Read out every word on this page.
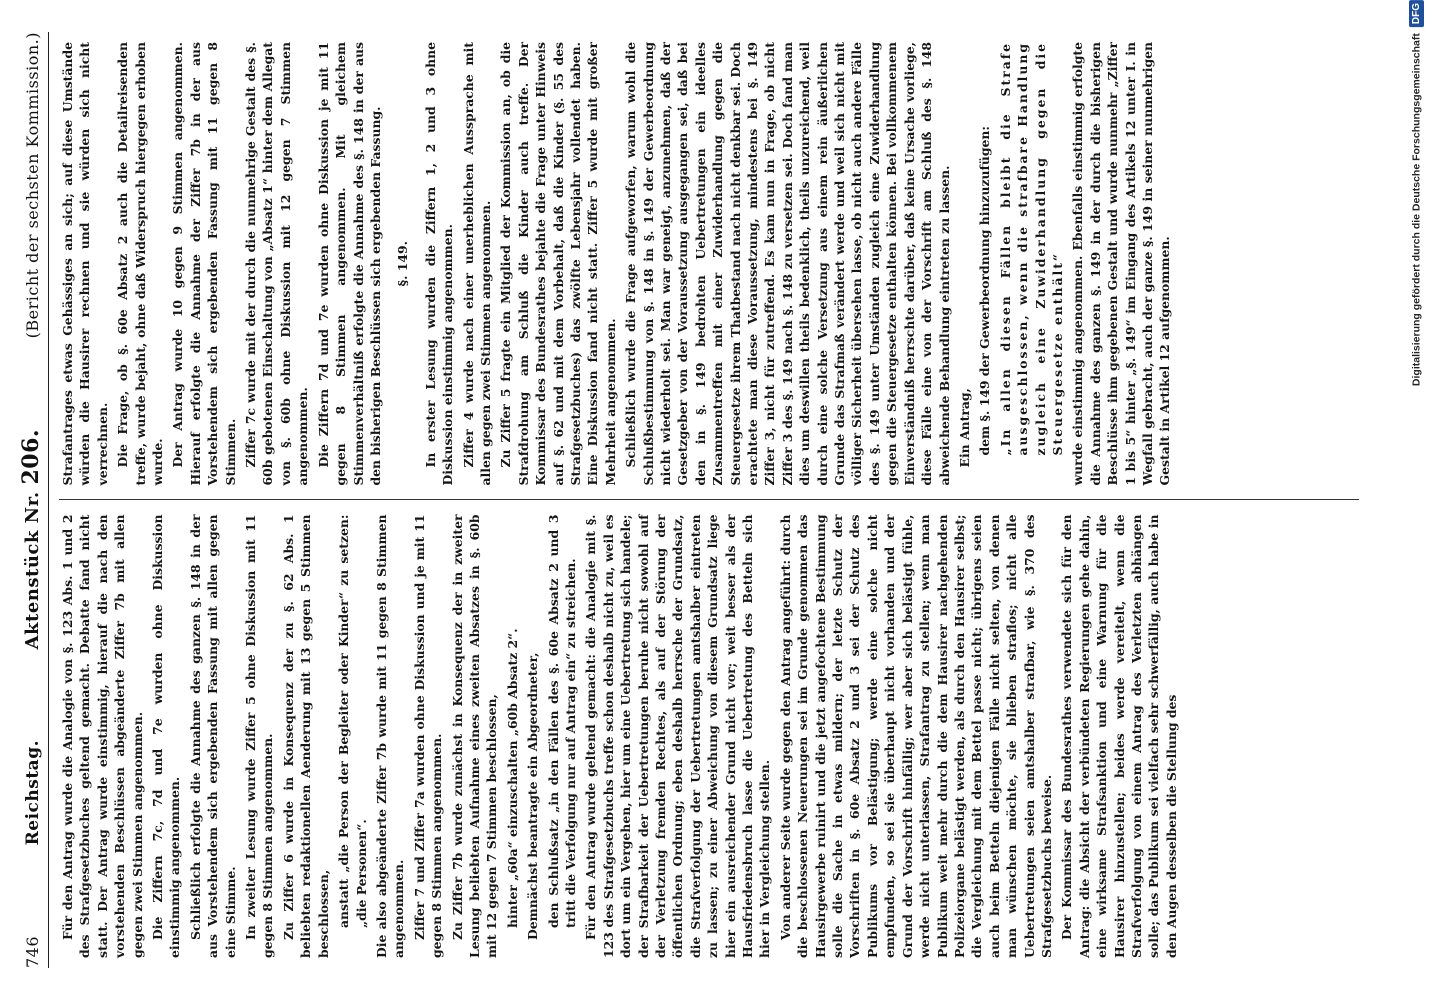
746
Reichstag.
Aktenstück Nr. 206.
(Bericht der sechsten Kommission.)

Für den Antrag wurde die Analogie von §. 123 Abs. 1 und 2 des Strafgesetzbuches geltend gemacht. Debatte fand nicht statt. Der Antrag wurde einstimmig, hierauf die nach den vorstehenden Beschlüssen abgeänderte Ziffer 7b mit allen gegen zwei Stimmen angenommen. Die Ziffern 7c, 7d und 7e wurden ohne Diskussion einstimmig angenommen. Schließlich erfolgte die Annahme des ganzen §. 148 in der aus Vorstehendem sich ergebenden Fassung mit allen gegen eine Stimme. In zweiter Lesung wurde Ziffer 5 ohne Diskussion mit 11 gegen 8 Stimmen angenommen. Zu Ziffer 6 wurde in Konsequenz der zu §. 62 Abs. 1 beliebten redaktionellen Aenderung mit 13 gegen 5 Stimmen beschlossen, anstatt „die Person der Begleiter oder Kinder“ zu setzen: „die Personen“. Die also abgeänderte Ziffer 7b wurde mit 11 gegen 8 Stimmen angenommen. Ziffer 7 und Ziffer 7a wurden ohne Diskussion und je mit 11 gegen 8 Stimmen angenommen. Zu Ziffer 7b wurde zunächst in Konsequenz der in zweiter Lesung beliebten Aufnahme eines zweiten Absatzes in §. 60b mit 12 gegen 7 Stimmen beschlossen, hinter „60a“ einzuschalten „60b Absatz 2“. Demnächst beantragte ein Abgeordneter, den Schlußsatz „in den Fällen des §. 60e Absatz 2 und 3 tritt die Verfolgung nur auf Antrag ein“ zu streichen. Für den Antrag wurde geltend gemacht: die Analogie mit §. 123 des Strafgesetzbuchs treffe schon deshalb nicht zu, weil es dort um ein Vergehen, hier um eine Uebertretung sich handele; der Strafbarkeit der Uebertretungen beruhe nicht sowohl auf der Verletzung fremden Rechtes, als auf der Störung der öffentlichen Ordnung; eben deshalb herrsche der Grundsatz, die Strafverfolgung der Uebertretungen amtshalber eintreten zu lassen; zu einer Abweichung von diesem Grundsatz liege hier ein ausreichender Grund nicht vor; weit besser als der Hausfriedensbruch lasse die Uebertretung des Betteln sich hier in Vergleichung stellen. Von anderer Seite wurde gegen den Antrag angeführt: durch die beschlossenen Neuerungen sei im Grunde genommen das Hausirgewerbe ruinirt und die jetzt angefochtene Bestimmung solle die Sache in etwas mildern; der letzte Schutz der Vorschriften in §. 60e Absatz 2 und 3 sei der Schutz des Publikums vor Belästigung; werde eine solche nicht empfunden, so sei sie überhaupt nicht vorhanden und der Grund der Vorschrift hinfällig; wer aber sich belästigt fühle, werde nicht unterlassen, Strafantrag zu stellen; wenn man Publikum weit mehr durch die dem Hausirer nachgehenden Polizeiorgane belästigt werden, als durch den Hausirer selbst; die Vergleichung mit dem Bettel passe nicht; übrigens seien auch beim Betteln diejenigen Fälle nicht selten, von denen man wünschen möchte, sie blieben straflos; nicht alle Uebertretungen seien amtshalber strafbar, wie §. 370 des Strafgesetzbuchs beweise. Der Kommissar des Bundesrathes verwendete sich für den Antrag: die Absicht der verbündeten Regierungen gehe dahin, eine wirksame Strafsanktion und eine Warnung für die Hausirer hinzustellen; beides werde vereitelt, wenn die Strafverfolgung von einem Antrag des Verletzten abhängen solle; das Publikum sei vielfach sehr schwerfällig, auch habe in den Augen desselben die Stellung des

Strafantrages etwas Gehässiges an sich; auf diese Umstände würden die Hausirer rechnen und sie würden sich nicht verrechnen. Die Frage, ob §. 60e Absatz 2 auch die Detailreisenden treffe, wurde bejaht, ohne daß Widerspruch hiergegen erhoben wurde. Der Antrag wurde 10 gegen 9 Stimmen angenommen. Hierauf erfolgte die Annahme der Ziffer 7b in der aus Vorstehendem sich ergebenden Fassung mit 11 gegen 8 Stimmen. Ziffer 7c wurde mit der durch die nunmehrige Gestalt des §. 60b gebotenen Einschaltung von „Absatz 1“ hinter dem Allegat von §. 60b ohne Diskussion mit 12 gegen 7 Stimmen angenommen. Die Ziffern 7d und 7e wurden ohne Diskussion je mit 11 gegen 8 Stimmen angenommen. Mit gleichem Stimmenverhältniß erfolgte die Annahme des §. 148 in der aus den bisherigen Beschlüssen sich ergebenden Fassung. §. 149. In erster Lesung wurden die Ziffern 1, 2 und 3 ohne Diskussion einstimmig angenommen. Ziffer 4 wurde nach einer unerheblichen Aussprache mit allen gegen zwei Stimmen angenommen. Zu Ziffer 5 fragte ein Mitglied der Kommission an, ob die Strafdrohung am Schluß die Kinder auch treffe. Der Kommissar des Bundesrathes bejahte die Frage unter Hinweis auf §. 62 und mit dem Vorbehalt, daß die Kinder (§. 55 des Strafgesetzbuches) das zwölfte Lebensjahr vollendet haben. Eine Diskussion fand nicht statt. Ziffer 5 wurde mit großer Mehrheit angenommen. Schließlich wurde die Frage aufgeworfen, warum wohl die Schlußbestimmung von §. 148 in §. 149 der Gewerbeordnung nicht wiederholt sei. Man war geneigt, anzunehmen, daß der Gesetzgeber von der Voraussetzung ausgegangen sei, daß bei den in §. 149 bedrohten Uebertretungen ein ideelles Zusammentreffen mit einer Zuwiderhandlung gegen die Steuergesetze ihrem Thatbestand nach nicht denkbar sei. Doch erachtete man diese Voraussetzung, mindestens bei §. 149 Ziffer 3, nicht für zutreffend. Es kam nun in Frage, ob nicht Ziffer 3 des §. 149 nach §. 148 zu versetzen sei. Doch fand man dies um deswillen theils bedenklich, theils unzureichend, weil durch eine solche Versetzung aus einem rein äußerlichen Grunde das Strafmaß verändert werde und weil sich nicht mit völliger Sicherheit übersehen lasse, ob nicht auch andere Fälle des §. 149 unter Umständen zugleich eine Zuwiderhandlung gegen die Steuergesetze enthalten können. Bei vollkommenem Einverständniß herrschte darüber, daß keine Ursache vorliege, diese Fälle eine von der Vorschrift am Schluß des §. 148 abweichende Behandlung eintreten zu lassen. Ein Antrag, dem §. 149 der Gewerbeordnung hinzuzufügen: „In allen diesen Fällen bleibt die Strafe ausgeschlossen, wenn die strafbare Handlung zugleich eine Zuwiderhandlung gegen die Steuergesetze enthält“ wurde einstimmig angenommen. Ebenfalls einstimmig erfolgte die Annahme des ganzen §. 149 in der durch die bisherigen Beschlüsse ihm gegebenen Gestalt und wurde nunmehr „Ziffer 1 bis 5“ hinter „§. 149“ im Eingang des Artikels 12 unter I. in Wegfall gebracht, auch der ganze §. 149 in seiner nunmehrigen Gestalt in Artikel 12 aufgenommen.	Digitalisierung gefördert durch die Deutsche Forschungsgemeinschaft
DFG
